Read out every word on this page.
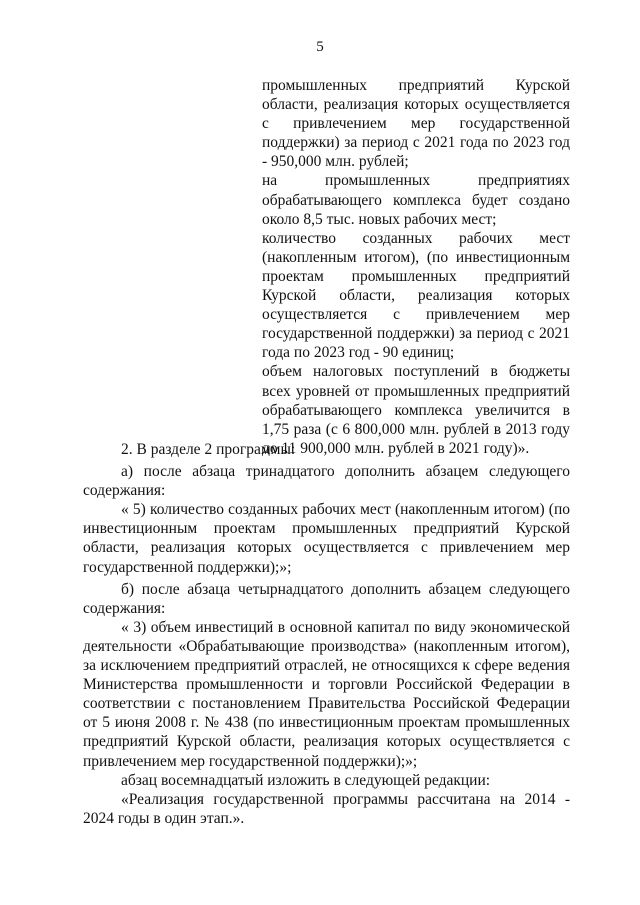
5

промышленных предприятий Курской области, реализация которых осуществляется с привлечением мер государственной поддержки) за период с 2021 года по 2023 год - 950,000 млн. рублей;

на промышленных предприятиях обрабатывающего комплекса будет создано около 8,5 тыс. новых рабочих мест;

количество созданных рабочих мест (накопленным итогом), (по инвестиционным проектам промышленных предприятий Курской области, реализация которых осуществляется с привлечением мер государственной поддержки) за период с 2021 года по 2023 год - 90 единиц;

объем налоговых поступлений в бюджеты всех уровней от промышленных предприятий обрабатывающего комплекса увеличится в 1,75 раза (с 6 800,000 млн. рублей в 2013 году до 11 900,000 млн. рублей в 2021 году)».

2. В разделе 2 программы:

а) после абзаца тринадцатого дополнить абзацем следующего содержания:

« 5) количество созданных рабочих мест (накопленным итогом) (по инвестиционным проектам промышленных предприятий Курской области, реализация которых осуществляется с привлечением мер государственной поддержки);»;

б) после абзаца четырнадцатого дополнить абзацем следующего содержания:

« 3) объем инвестиций в основной капитал по виду экономической деятельности «Обрабатывающие производства» (накопленным итогом), за исключением предприятий отраслей, не относящихся к сфере ведения Министерства промышленности и торговли Российской Федерации в соответствии с постановлением Правительства Российской Федерации от 5 июня 2008 г. № 438 (по инвестиционным проектам промышленных предприятий Курской области, реализация которых осуществляется с привлечением мер государственной поддержки);»;

абзац восемнадцатый изложить в следующей редакции:

«Реализация государственной программы рассчитана на 2014 - 2024 годы в один этап.».
